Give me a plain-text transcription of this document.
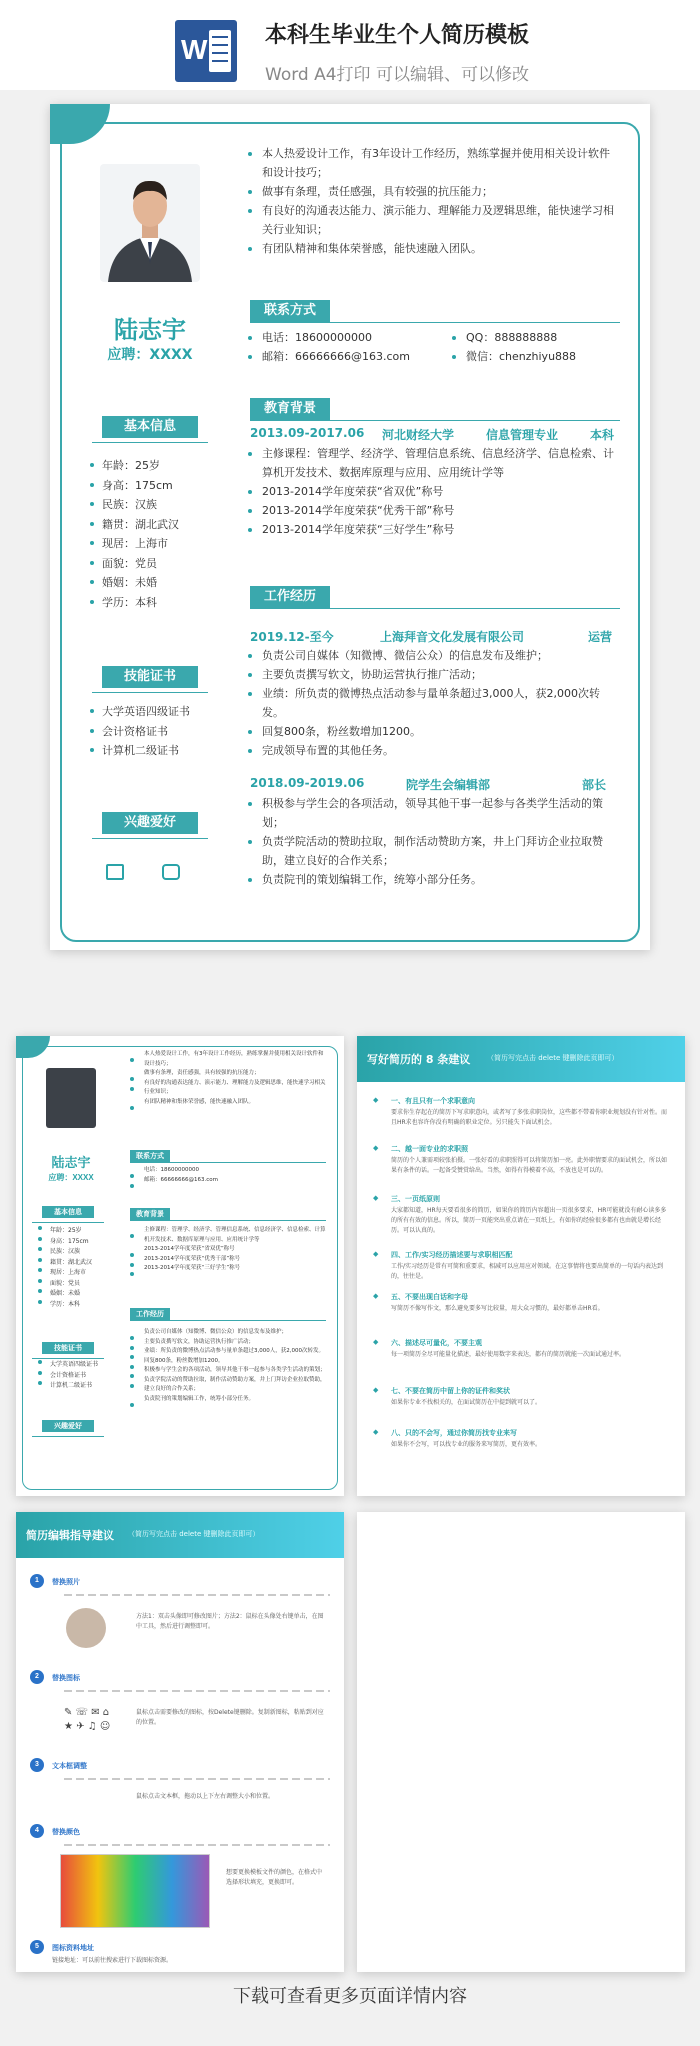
W	本科生毕业生个人简历模板
Word A4打印 可以编辑、可以修改
陆志宇
应聘：XXXX
基本信息
年龄：25岁
身高：175cm
民族：汉族
籍贯：湖北武汉
现居：上海市
面貌：党员
婚姻：未婚
学历：本科
技能证书
大学英语四级证书
会计资格证书
计算机二级证书
兴趣爱好
本人热爱设计工作，有3年设计工作经历，熟练掌握并使用相关设计软件和设计技巧；
做事有条理，责任感强，具有较强的抗压能力；
有良好的沟通表达能力、演示能力、理解能力及逻辑思维，能快速学习相关行业知识；
有团队精神和集体荣誉感，能快速融入团队。
联系方式
电话：18600000000
邮箱：66666666@163.com
QQ：888888888
微信：chenzhiyu888
教育背景
2013.09-2017.06 河北财经大学	信息管理专业	本科
主修课程：管理学、经济学、管理信息系统、信息经济学、信息检索、计算机开发技术、数据库原理与应用、应用统计学等
2013-2014学年度荣获“省双优”称号
2013-2014学年度荣获“优秀干部”称号
2013-2014学年度荣获“三好学生”称号
工作经历
2019.12-至今	上海拜音文化发展有限公司	运营
负责公司自媒体（知微博、微信公众）的信息发布及维护；
主要负责撰写软文，协助运营执行推广活动；
业绩：所负责的微博热点活动参与量单条超过3,000人，获2,000次转发。
回复800条，粉丝数增加1200。
完成领导布置的其他任务。
2018.09-2019.06	院学生会编辑部	部长
积极参与学生会的各项活动，领导其他干事一起参与各类学生活动的策划；
负责学院活动的赞助拉取，制作活动赞助方案，井上门拜访企业拉取赞助，建立良好的合作关系；
负责院刊的策划编辑工作，统筹小部分任务。
陆志宇
应聘：XXXX
基本信息
年龄：25岁
身高：175cm
民族：汉族
籍贯：湖北武汉
现居：上海市
面貌：党员
婚姻：未婚
学历：本科
技能证书
大学英语四级证书
会计资格证书
计算机二级证书
兴趣爱好
本人热爱设计工作，有3年设计工作经历，熟练掌握并使用相关设计软件和设计技巧；
做事有条理，责任感强，具有较强的抗压能力；
有良好的沟通表达能力、演示能力、理解能力及逻辑思维，能快速学习相关行业知识；
有团队精神和集体荣誉感，能快速融入团队。
联系方式
电话：18600000000
邮箱：66666666@163.com
教育背景
主修课程：管理学、经济学、管理信息系统、信息经济学、信息检索、计算机开发技术、数据库原理与应用、应用统计学等
2013-2014学年度荣获“省双优”称号
2013-2014学年度荣获“优秀干部”称号
2013-2014学年度荣获“三好学生”称号
工作经历
负责公司自媒体（知微博、微信公众）的信息发布及维护；
主要负责撰写软文，协助运营执行推广活动；
业绩：所负责的微博热点活动参与量单条超过3,000人，获2,000次转发。
回复800条，粉丝数增加1200。
积极参与学生会的各项活动，领导其他干事一起参与各类学生活动的策划；
负责学院活动的赞助拉取，制作活动赞助方案，井上门拜访企业拉取赞助，建立良好的合作关系；
负责院刊的策划编辑工作，统筹小部分任务。
写好简历的 8 条建议 （简历写完点击 delete 键删除此页即可）
◆ 一、有且只有一个求职意向
要求你生存起在的简历下写求职意向，或者写了多张求职岗位，这些都不带着你职业规划没有针对性。而且HR求也容许你没有明确的职业定位。另只能失下面试机会。
◆ 二、越一面专业的求职照
简历的个人兼需项较张拍摄。一张好看的求职照得可以将简历加一亮。此外职情要求的面试机会，所以如果有条件的话。一起备受赞赏给出。当然，如得有得模着不高，不放也是可以的。
◆ 三、一页纸原则
大家都知道，HR每天要看很多的简历，如果你的简历内容超出一页很多要求，HR可能就没有耐心读多多的所有有效的信息。所以，简历一页能突出重点请在一页纸上，有如你的经验很多都有也由就是增长经历。可以认真的。
◆ 四、工作/实习经历描述要与求职相匹配
工作/实习经历是常有可简和重要求，相减可以应用应对领域。在这事情将也要出简单的一句话内表达到的，往往是。
◆ 五、不要出现白话和字母
写简历不像写作文，那么避免要多写比较量，用大众习惯的，最好都单击HR看。
◆ 六、描述尽可量化，不要主观
每一项简历全尽可能量化描述，最好使用数字来表达，都有的简历就能一次面试通过率。
◆ 七、不要在简历中留上你的证件和奖状
如果你专业不找相关的，在面试简历在中提到就可以了。
◆ 八、只的不会写，通过你简历找专业来写
如果你不会写，可以找专业的服务来写简历，更有效率。
简历编辑指导建议 （简历写完点击 delete 键删除此页即可）
1	替换照片
方法1：双击头像即可修改图片；方法2：鼠标在头像处右键单击，在图中工具，然后进行调整即可。
2	替换图标
✎ ☏ ✉ ⌂
★ ✈ ♫ ☺
鼠标点击需要修改的图标，按Delete键删除。复制新图标，粘贴到对应的位置。
3	文本框调整
鼠标点击文本框，拖动以上下左右调整大小和位置。
4	替换颜色
想要更换模板文件的颜色，在格式中选择形状填充，更换即可。
5	图标资料地址
链接地址：可以前往搜索进行下载图标资源。
下载可查看更多页面详情内容
